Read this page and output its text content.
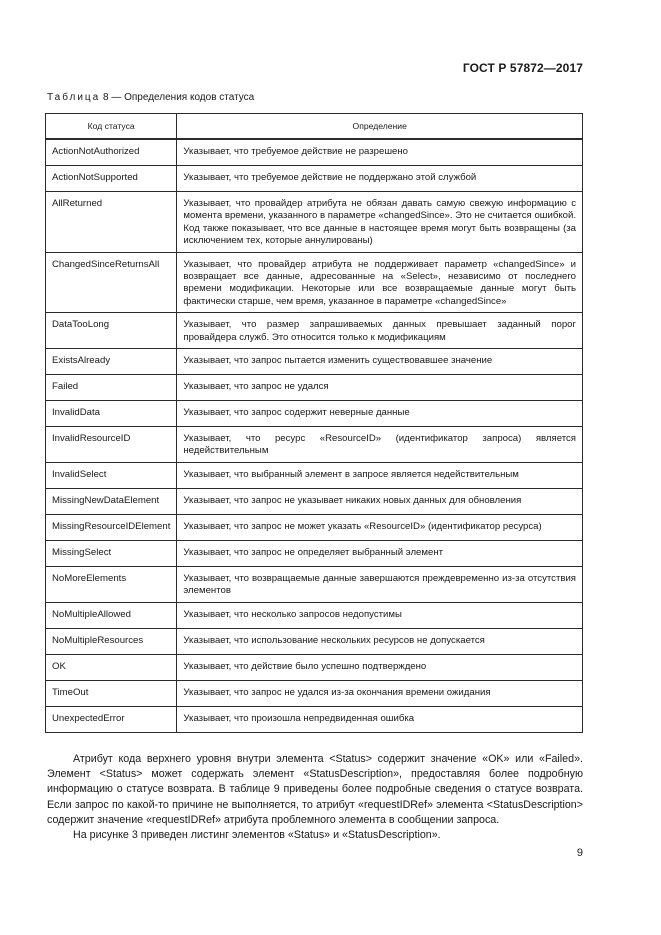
ГОСТ Р 57872—2017
Таблица 8 — Определения кодов статуса
Код статуса	Определение
ActionNotAuthorized	Указывает, что требуемое действие не разрешено
ActionNotSupported	Указывает, что требуемое действие не поддержано этой службой
AllReturned	Указывает, что провайдер атрибута не обязан давать самую свежую информацию с момента времени, указанного в параметре «changedSince». Это не считается ошибкой. Код также показывает, что все данные в настоящее время могут быть возвращены (за исключением тех, которые аннулированы)
ChangedSinceReturnsAll	Указывает, что провайдер атрибута не поддерживает параметр «changedSince» и возвращает все данные, адресованные на «Select», независимо от последнего времени модификации. Некоторые или все возвращаемые данные могут быть фактически старше, чем время, указанное в параметре «changedSince»
DataTooLong	Указывает, что размер запрашиваемых данных превышает заданный порог провайдера служб. Это относится только к модификациям
ExistsAlready	Указывает, что запрос пытается изменить существовавшее значение
Failed	Указывает, что запрос не удался
InvalidData	Указывает, что запрос содержит неверные данные
InvalidResourceID	Указывает, что ресурс «ResourceID» (идентификатор запроса) является недействительным
InvalidSelect	Указывает, что выбранный элемент в запросе является недействительным
MissingNewDataElement	Указывает, что запрос не указывает никаких новых данных для обновления
MissingResourceIDElement	Указывает, что запрос не может указать «ResourceID» (идентификатор ресурса)
MissingSelect	Указывает, что запрос не определяет выбранный элемент
NoMoreElements	Указывает, что возвращаемые данные завершаются преждевременно из-за отсутствия элементов
NoMultipleAllowed	Указывает, что несколько запросов недопустимы
NoMultipleResources	Указывает, что использование нескольких ресурсов не допускается
OK	Указывает, что действие было успешно подтверждено
TimeOut	Указывает, что запрос не удался из-за окончания времени ожидания
UnexpectedError	Указывает, что произошла непредвиденная ошибка

Атрибут кода верхнего уровня внутри элемента <Status> содержит значение «OK» или «Failed». Элемент <Status> может содержать элемент «StatusDescription», предоставляя более подробную информацию о статусе возврата. В таблице 9 приведены более подробные сведения о статусе возврата. Если запрос по какой-то причине не выполняется, то атрибут «requestIDRef» элемента <StatusDescription> содержит значение «requestIDRef» атрибута проблемного элемента в сообщении запроса.

На рисунке 3 приведен листинг элементов «Status» и «StatusDescription».

9
